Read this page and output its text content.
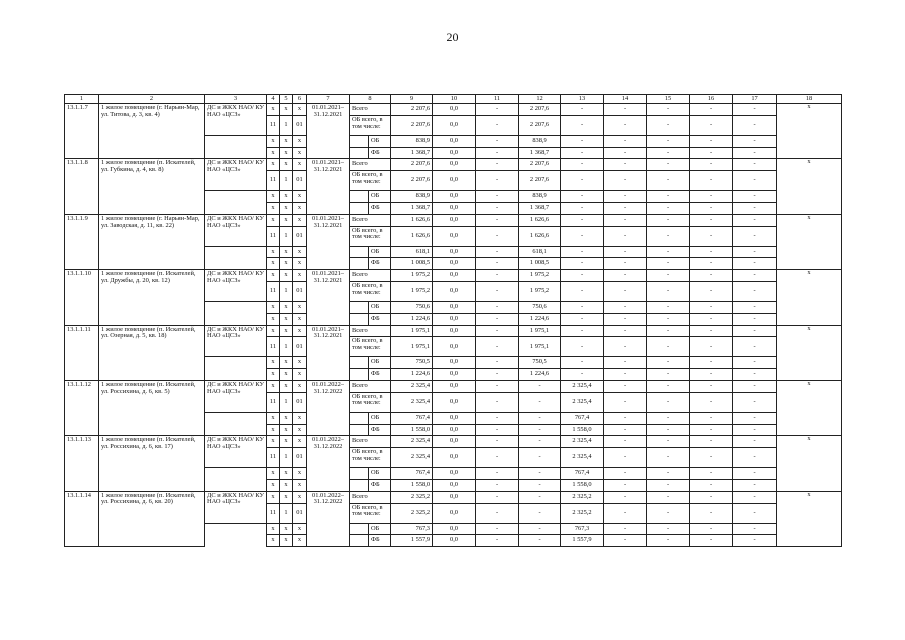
20
1	2	3	4	5	6	7	8		9	10	11	12	13	14	15	16	17	18
13.1.1.7	1 жилое помещение (г. Нарьян-Мар, ул. Титова, д. 3, кв. 4)	ДС и ЖКХ НАО/ КУ НАО «ЦСЗ»	х	х	х	01.01.2021– 31.12.2021	Всего		2 207,6	0,0	-	2 207,6	-	-	-	-	-	х
			11	1	01		ОБ всего, в том числе:		2 207,6	0,0	-	2 207,6	-	-	-	-	-	
			х	х	х			ОБ	838,9	0,0	-	838,9	-	-	-	-	-	
			х	х	х			ФБ	1 368,7	0,0	-	1 368,7	-	-	-	-	-	
13.1.1.8	1 жилое помещение (п. Искателей, ул. Губкина, д. 4, кв. 8)	ДС и ЖКХ НАО/ КУ НАО «ЦСЗ»	х	х	х	01.01.2021– 31.12.2021	Всего		2 207,6	0,0	-	2 207,6	-	-	-	-	-	х
			11	1	01		ОБ всего, в том числе:		2 207,6	0,0	-	2 207,6	-	-	-	-	-	
			х	х	х			ОБ	838,9	0,0	-	838,9	-	-	-	-	-	
			х	х	х			ФБ	1 368,7	0,0	-	1 368,7	-	-	-	-	-	
13.1.1.9	1 жилое помещение (г. Нарьян-Мар, ул. Заводская, д. 11, кв. 22)	ДС и ЖКХ НАО/ КУ НАО «ЦСЗ»	х	х	х	01.01.2021– 31.12.2021	Всего		1 626,6	0,0	-	1 626,6	-	-	-	-	-	х
			11	1	01		ОБ всего, в том числе:		1 626,6	0,0	-	1 626,6	-	-	-	-	-	
			х	х	х			ОБ	618,1	0,0	-	618,1	-	-	-	-	-	
			х	х	х			ФБ	1 008,5	0,0	-	1 008,5	-	-	-	-	-	
13.1.1.10	1 жилое помещение (п. Искателей, ул. Дружбы, д. 20, кв. 12)	ДС и ЖКХ НАО/ КУ НАО «ЦСЗ»	х	х	х	01.01.2021– 31.12.2021	Всего		1 975,2	0,0	-	1 975,2	-	-	-	-	-	х
			11	1	01		ОБ всего, в том числе:		1 975,2	0,0	-	1 975,2	-	-	-	-	-	
			х	х	х			ОБ	750,6	0,0	-	750,6	-	-	-	-	-	
			х	х	х			ФБ	1 224,6	0,0	-	1 224,6	-	-	-	-	-	
13.1.1.11	1 жилое помещение (п. Искателей, ул. Озерная, д. 5, кв. 18)	ДС и ЖКХ НАО/ КУ НАО «ЦСЗ»	х	х	х	01.01.2021– 31.12.2021	Всего		1 975,1	0,0	-	1 975,1	-	-	-	-	-	х
			11	1	01		ОБ всего, в том числе:		1 975,1	0,0	-	1 975,1	-	-	-	-	-	
			х	х	х			ОБ	750,5	0,0	-	750,5	-	-	-	-	-	
			х	х	х			ФБ	1 224,6	0,0	-	1 224,6	-	-	-	-	-	
13.1.1.12	1 жилое помещение (п. Искателей, ул. Россихина, д. 6, кв. 5)	ДС и ЖКХ НАО/ КУ НАО «ЦСЗ»	х	х	х	01.01.2022– 31.12.2022	Всего		2 325,4	0,0	-	-	2 325,4	-	-	-	-	х
			11	1	01		ОБ всего, в том числе:		2 325,4	0,0	-	-	2 325,4	-	-	-	-	
			х	х	х			ОБ	767,4	0,0	-	-	767,4	-	-	-	-	
			х	х	х			ФБ	1 558,0	0,0	-	-	1 558,0	-	-	-	-	
13.1.1.13	1 жилое помещение (п. Искателей, ул. Россихина, д. 6, кв. 17)	ДС и ЖКХ НАО/ КУ НАО «ЦСЗ»	х	х	х	01.01.2022– 31.12.2022	Всего		2 325,4	0,0	-	-	2 325,4	-	-	-	-	х
			11	1	01		ОБ всего, в том числе:		2 325,4	0,0	-	-	2 325,4	-	-	-	-	
			х	х	х			ОБ	767,4	0,0	-	-	767,4	-	-	-	-	
			х	х	х			ФБ	1 558,0	0,0	-	-	1 558,0	-	-	-	-	
13.1.1.14	1 жилое помещение (п. Искателей, ул. Россихина, д. 6, кв. 20)	ДС и ЖКХ НАО/ КУ НАО «ЦСЗ»	х	х	х	01.01.2022– 31.12.2022	Всего		2 325,2	0,0	-	-	2 325,2	-	-	-	-	х
			11	1	01		ОБ всего, в том числе:		2 325,2	0,0	-	-	2 325,2	-	-	-	-	
			х	х	х			ОБ	767,3	0,0	-	-	767,3	-	-	-	-	
			х	х	х			ФБ	1 557,9	0,0	-	-	1 557,9	-	-	-	-	
